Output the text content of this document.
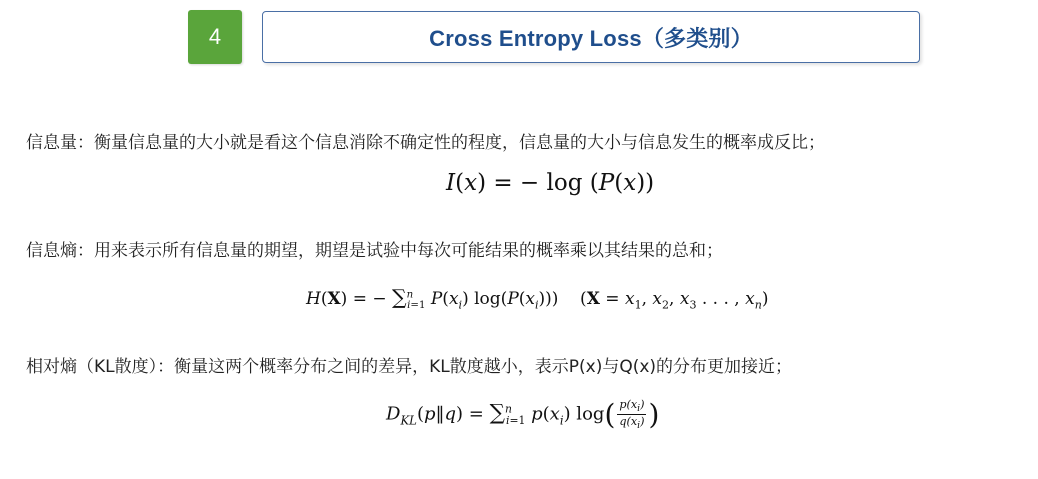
4	Cross Entropy Loss（多类别）
信息量：衡量信息量的大小就是看这个信息消除不确定性的程度，信息量的大小与信息发生的概率成反比；
I(x) = − log (P(x))
信息熵：用来表示所有信息量的期望，期望是试验中每次可能结果的概率乘以其结果的总和；
H(X) = − ∑$^n_{i=1}$ $P(x_i)$ $\log(P(x_i))$)    ($X = x_1$, $x_2$, $x_3$ . . . , $x_n$)
相对熵（KL散度）：衡量这两个概率分布之间的差异，KL散度越小，表示P(x)与Q(x)的分布更加接近；
$D_{KL}(p‖q) = \sum^n_{i=1}$ $p(x_i)$ $\log( \frac{p(x_i)}{q(x_i)}$ )
